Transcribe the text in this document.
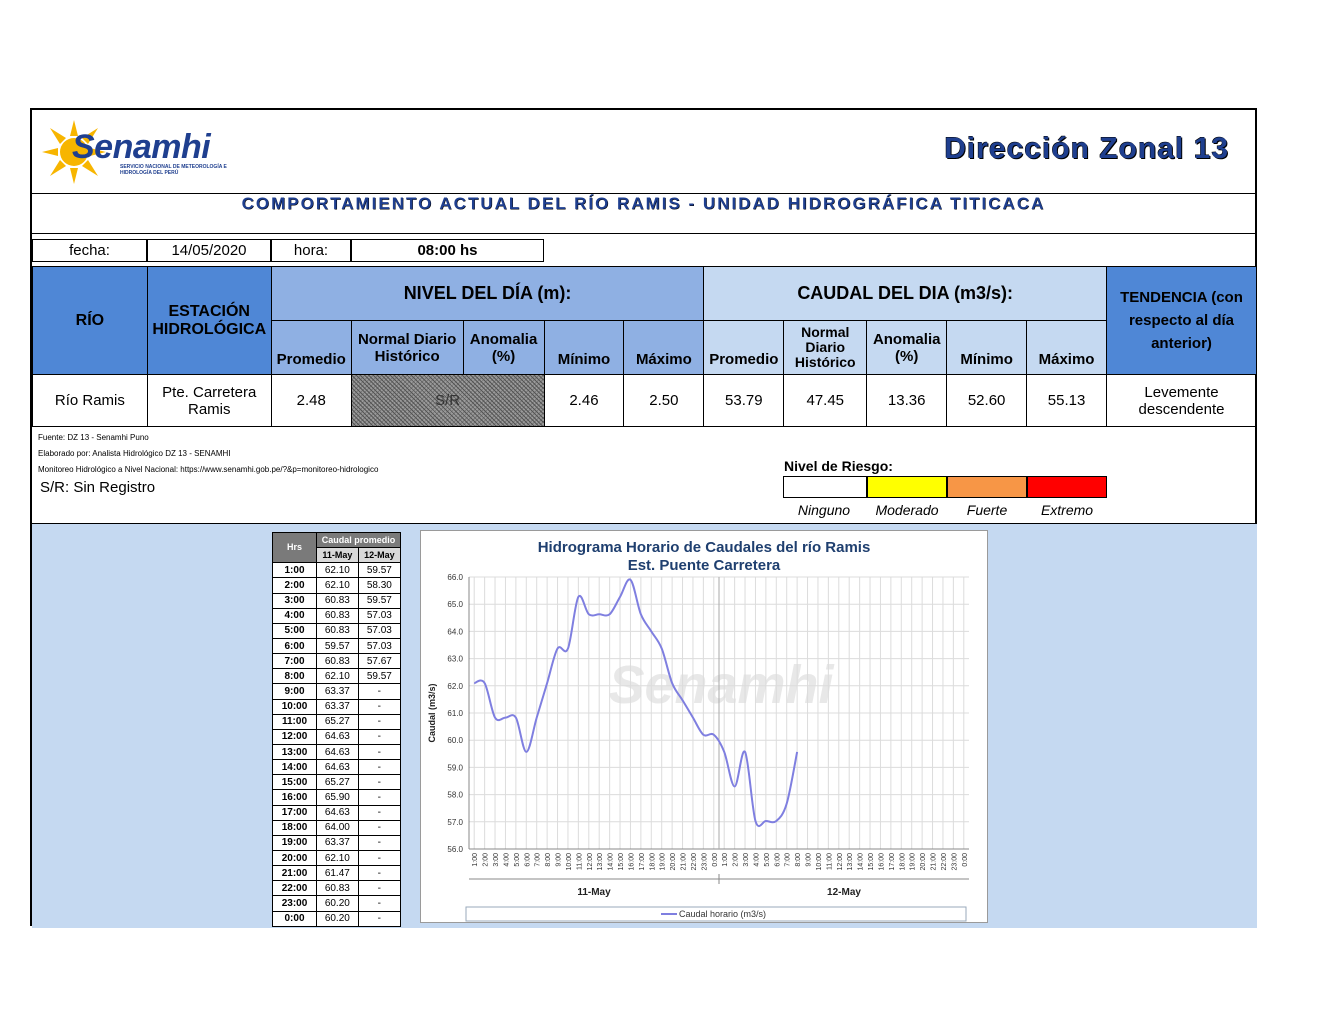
Senamhi
SERVICIO NACIONAL DE METEOROLOGÍA E HIDROLOGÍA DEL PERÚ
Dirección Zonal 13
COMPORTAMIENTO ACTUAL DEL RÍO RAMIS - UNIDAD HIDROGRÁFICA TITICACA
fecha:	14/05/2020	hora:	08:00 hs
RÍO	ESTACIÓN HIDROLÓGICA	NIVEL DEL DÍA (m):					CAUDAL DEL DIA (m3/s):					TENDENCIA (con respecto al día anterior)
		Promedio	Normal Diario Histórico	Anomalia (%)	Mínimo	Máximo	Promedio	Normal Diario Histórico	Anomalia (%)	Mínimo	Máximo	
Río Ramis	Pte. Carretera Ramis	2.48	S/R		2.46	2.50	53.79	47.45	13.36	52.60	55.13	Levemente descendente
Fuente: DZ 13 - Senamhi Puno
Elaborado por: Analista Hidrológico DZ 13 - SENAMHI
Monitoreo Hidrológico a Nivel Nacional: https://www.senamhi.gob.pe/?&p=monitoreo-hidrologico
S/R: Sin Registro
Nivel de Riesgo:
Ninguno	Moderado	Fuerte	Extremo
Hrs	Caudal promedio	
	11-May	12-May
1:00	62.10	59.57
2:00	62.10	58.30
3:00	60.83	59.57
4:00	60.83	57.03
5:00	60.83	57.03
6:00	59.57	57.03
7:00	60.83	57.67
8:00	62.10	59.57
9:00	63.37	-
10:00	63.37	-
11:00	65.27	-
12:00	64.63	-
13:00	64.63	-
14:00	64.63	-
15:00	65.27	-
16:00	65.90	-
17:00	64.63	-
18:00	64.00	-
19:00	63.37	-
20:00	62.10	-
21:00	61.47	-
22:00	60.83	-
23:00	60.20	-
0:00	60.20	-
Hidrograma Horario de Caudales del río Ramis
Est. Puente Carretera
Senamhi
56.0
57.0
58.0
59.0
60.0
61.0
62.0
63.0
64.0
65.0
66.0
1:00 2:00 3:00 4:00 5:00 6:00 7:00 8:00 9:00 10:00 11:00 12:00 13:00 14:00 15:00 16:00 17:00 18:00 19:00 20:00 21:00 22:00 23:00 0:00 1:00 2:00 3:00 4:00 5:00 6:00 7:00 8:00 9:00 10:00 11:00 12:00 13:00 14:00 15:00 16:00 17:00 18:00 19:00 20:00 21:00 22:00 23:00 0:00
11-May	12-May
Caudal (m3/s)
Caudal horario (m3/s)
